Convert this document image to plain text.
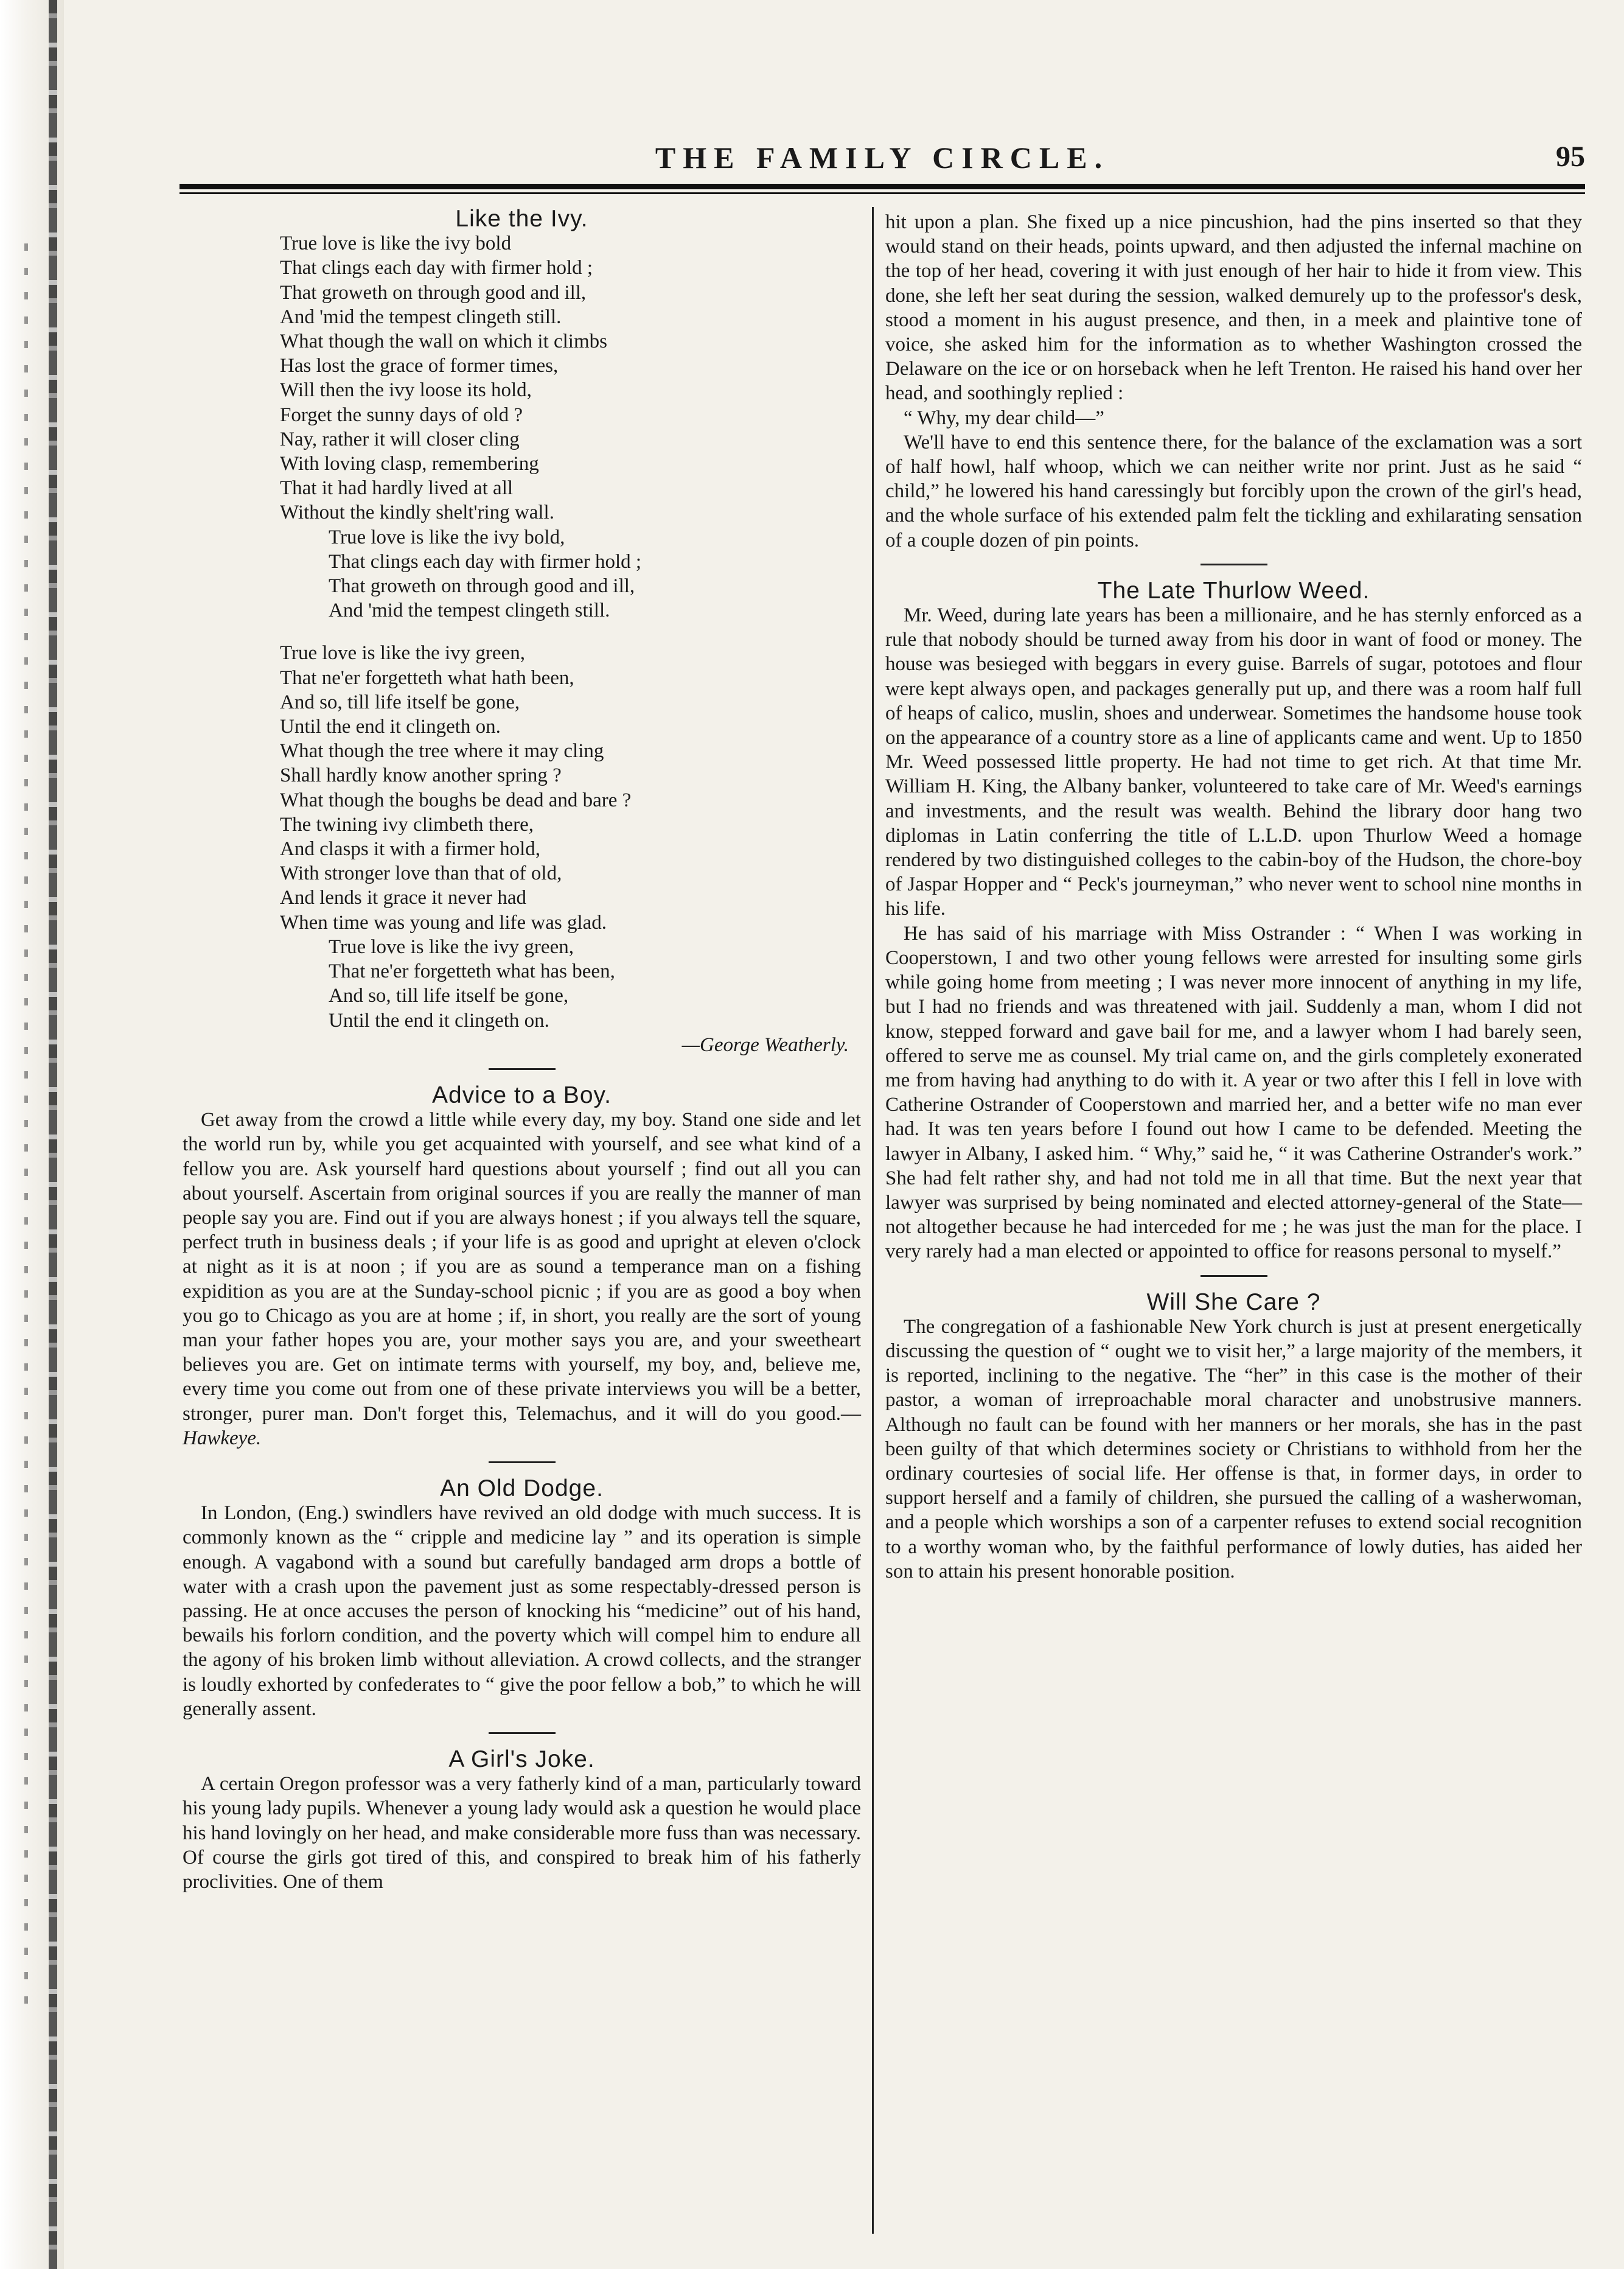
THE FAMILY CIRCLE.	95
Like the Ivy.
True love is like the ivy bold
That clings each day with firmer hold ;
That groweth on through good and ill,
And 'mid the tempest clingeth still.
What though the wall on which it climbs
Has lost the grace of former times,
Will then the ivy loose its hold,
Forget the sunny days of old ?
Nay, rather it will closer cling
With loving clasp, remembering
That it had hardly lived at all
Without the kindly shelt'ring wall.
True love is like the ivy bold,
That clings each day with firmer hold ;
That groweth on through good and ill,
And 'mid the tempest clingeth still.
True love is like the ivy green,
That ne'er forgetteth what hath been,
And so, till life itself be gone,
Until the end it clingeth on.
What though the tree where it may cling
Shall hardly know another spring ?
What though the boughs be dead and bare ?
The twining ivy climbeth there,
And clasps it with a firmer hold,
With stronger love than that of old,
And lends it grace it never had
When time was young and life was glad.
True love is like the ivy green,
That ne'er forgetteth what has been,
And so, till life itself be gone,
Until the end it clingeth on.
—George Weatherly.
Advice to a Boy.

Get away from the crowd a little while every day, my boy. Stand one side and let the world run by, while you get acquainted with yourself, and see what kind of a fellow you are. Ask yourself hard questions about yourself ; find out all you can about yourself. Ascertain from original sources if you are really the manner of man people say you are. Find out if you are always honest ; if you always tell the square, perfect truth in business deals ; if your life is as good and upright at eleven o'clock at night as it is at noon ; if you are as sound a temperance man on a fishing expidition as you are at the Sunday-school picnic ; if you are as good a boy when you go to Chicago as you are at home ; if, in short, you really are the sort of young man your father hopes you are, your mother says you are, and your sweetheart believes you are. Get on intimate terms with yourself, my boy, and, believe me, every time you come out from one of these private interviews you will be a better, stronger, purer man. Don't forget this, Telemachus, and it will do you good.— Hawkeye.

An Old Dodge.

In London, (Eng.) swindlers have revived an old dodge with much success. It is commonly known as the “ cripple and medicine lay ” and its operation is simple enough. A vagabond with a sound but carefully bandaged arm drops a bottle of water with a crash upon the pavement just as some respectably-dressed person is passing. He at once accuses the person of knocking his “medicine” out of his hand, bewails his forlorn condition, and the poverty which will compel him to endure all the agony of his broken limb without alleviation. A crowd collects, and the stranger is loudly exhorted by confederates to “ give the poor fellow a bob,” to which he will generally assent.

A Girl's Joke.

A certain Oregon professor was a very fatherly kind of a man, particularly toward his young lady pupils. Whenever a young lady would ask a question he would place his hand lovingly on her head, and make considerable more fuss than was necessary. Of course the girls got tired of this, and conspired to break him of his fatherly proclivities. One of them

hit upon a plan. She fixed up a nice pincushion, had the pins inserted so that they would stand on their heads, points upward, and then adjusted the infernal machine on the top of her head, covering it with just enough of her hair to hide it from view. This done, she left her seat during the session, walked demurely up to the professor's desk, stood a moment in his august presence, and then, in a meek and plaintive tone of voice, she asked him for the information as to whether Washington crossed the Delaware on the ice or on horseback when he left Trenton. He raised his hand over her head, and soothingly replied :

“ Why, my dear child—”

We'll have to end this sentence there, for the balance of the exclamation was a sort of half howl, half whoop, which we can neither write nor print. Just as he said “ child,” he lowered his hand caressingly but forcibly upon the crown of the girl's head, and the whole surface of his extended palm felt the tickling and exhilarating sensation of a couple dozen of pin points.

The Late Thurlow Weed.

Mr. Weed, during late years has been a millionaire, and he has sternly enforced as a rule that nobody should be turned away from his door in want of food or money. The house was besieged with beggars in every guise. Barrels of sugar, pototoes and flour were kept always open, and packages generally put up, and there was a room half full of heaps of calico, muslin, shoes and underwear. Sometimes the handsome house took on the appearance of a country store as a line of applicants came and went. Up to 1850 Mr. Weed possessed little property. He had not time to get rich. At that time Mr. William H. King, the Albany banker, volunteered to take care of Mr. Weed's earnings and investments, and the result was wealth. Behind the library door hang two diplomas in Latin conferring the title of L.L.D. upon Thurlow Weed a homage rendered by two distinguished colleges to the cabin-boy of the Hudson, the chore-boy of Jaspar Hopper and “ Peck's journeyman,” who never went to school nine months in his life.

He has said of his marriage with Miss Ostrander : “ When I was working in Cooperstown, I and two other young fellows were arrested for insulting some girls while going home from meeting ; I was never more innocent of anything in my life, but I had no friends and was threatened with jail. Suddenly a man, whom I did not know, stepped forward and gave bail for me, and a lawyer whom I had barely seen, offered to serve me as counsel. My trial came on, and the girls completely exonerated me from having had anything to do with it. A year or two after this I fell in love with Catherine Ostrander of Cooperstown and married her, and a better wife no man ever had. It was ten years before I found out how I came to be defended. Meeting the lawyer in Albany, I asked him. “ Why,” said he, “ it was Catherine Ostrander's work.” She had felt rather shy, and had not told me in all that time. But the next year that lawyer was surprised by being nominated and elected attorney-general of the State—not altogether because he had interceded for me ; he was just the man for the place. I very rarely had a man elected or appointed to office for reasons personal to myself.”

Will She Care ?

The congregation of a fashionable New York church is just at present energetically discussing the question of “ ought we to visit her,” a large majority of the members, it is reported, inclining to the negative. The “her” in this case is the mother of their pastor, a woman of irreproachable moral character and unobstrusive manners. Although no fault can be found with her manners or her morals, she has in the past been guilty of that which determines society or Christians to withhold from her the ordinary courtesies of social life. Her offense is that, in former days, in order to support herself and a family of children, she pursued the calling of a washerwoman, and a people which worships a son of a carpenter refuses to extend social recognition to a worthy woman who, by the faithful performance of lowly duties, has aided her son to attain his present honorable position.
